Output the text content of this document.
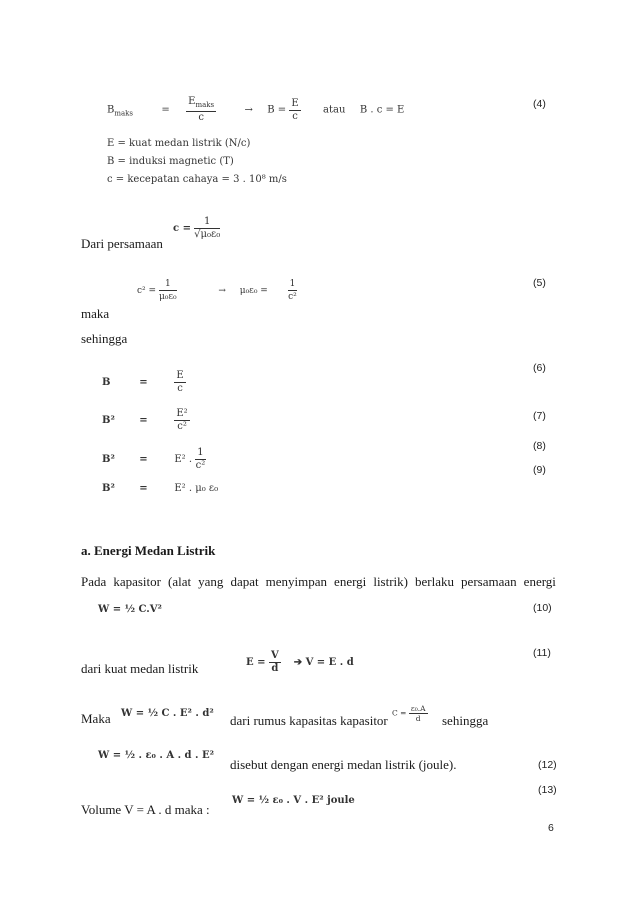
$B_{maks}$	= $\frac{E_{maks}}{c}$	→ $B = \frac{E}{c}$ atau B . c = E	(4)
E = kuat medan listrik (N/c)
B = induksi magnetic (T)
c = kecepatan cahaya = 3 . 10⁸ m/s
$c = \frac{1}{\text{√μ₀ε₀}}$
Dari persamaan
$c^2 = \frac{1}{\text{μ₀ε₀}}$	→ $\mu_0\varepsilon_0 = \frac{1}{\text{c²}}$	(5)
maka
sehingga
B	=	$\frac{E}{c}$
(6)
B² =	$\frac{\text{E²}}{\text{c²}}$	(7)
B² =	E² . $\frac{1}{\text{c²}}$
(8)
(9)
B² =	E² . μ₀ ε₀
a. Energi Medan Listrik
Pada kapasitor (alat yang dapat menyimpan energi listrik) berlaku persamaan energi
W = ½ C.V²	(10)
(11)
$E = \frac{V}{d}$ ➔ V = E . d
dari kuat medan listrik
Maka W = ½ C . E² . d² dari rumus kapasitas kapasitor $C = \frac{\text{ε₀.A}}{d}$ sehingga
W = ½ . ε₀ . A . d . E²
disebut dengan energi medan listrik (joule).	(12)
(13)
Volume V = A . d maka :
W = ½ ε₀ . V . E² joule
6
